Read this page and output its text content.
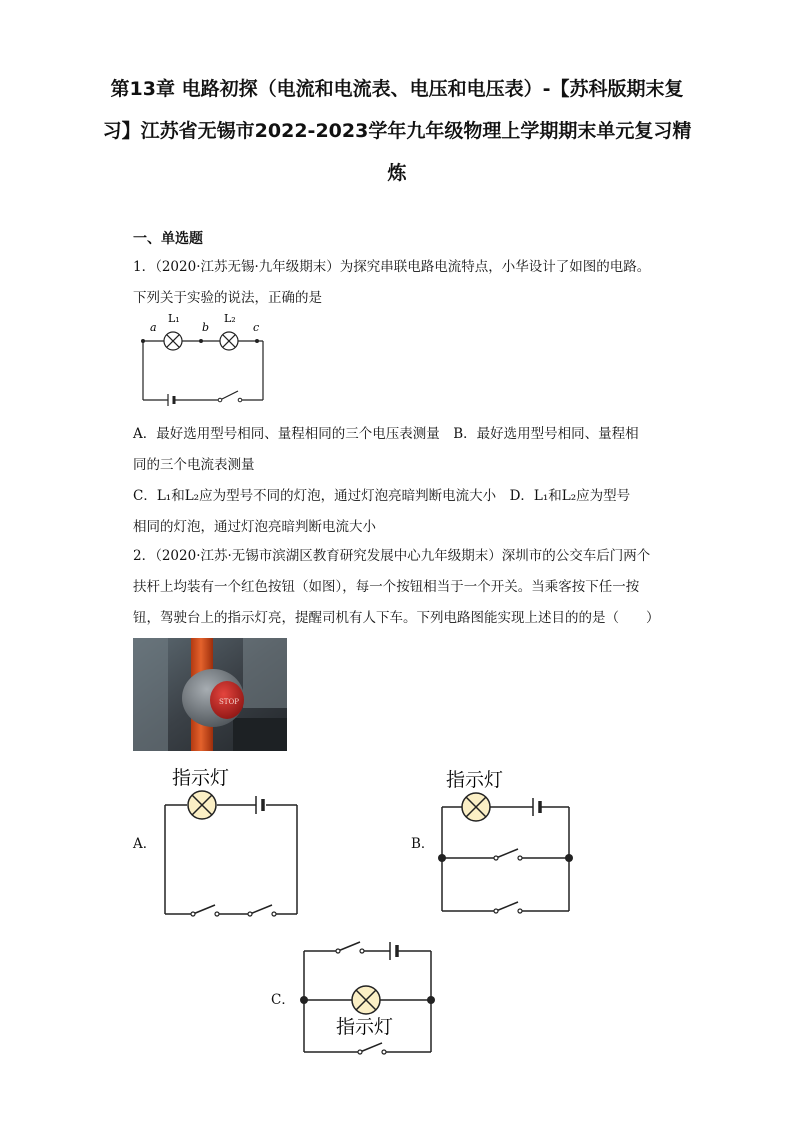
第13章 电路初探（电流和电流表、电压和电压表）-【苏科版期末复习】江苏省无锡市2022-2023学年九年级物理上学期期末单元复习精炼
一、单选题
1．（2020·江苏无锡·九年级期末）为探究串联电路电流特点，小华设计了如图的电路。
下列关于实验的说法，正确的是
a
L₁
b
L₂
c
A．最好选用型号相同、量程相同的三个电压表测量　B．最好选用型号相同、量程相
同的三个电流表测量
C．L₁和L₂应为型号不同的灯泡，通过灯泡亮暗判断电流大小　D．L₁和L₂应为型号
相同的灯泡，通过灯泡亮暗判断电流大小
2．（2020·江苏·无锡市滨湖区教育研究发展中心九年级期末）深圳市的公交车后门两个扶杆上均装有一个红色按钮（如图），每一个按钮相当于一个开关。当乘客按下任一按钮，驾驶台上的指示灯亮，提醒司机有人下车。下列电路图能实现上述目的的是（　　）
STOP
A．
指示灯
B．
指示灯
C．
指示灯
